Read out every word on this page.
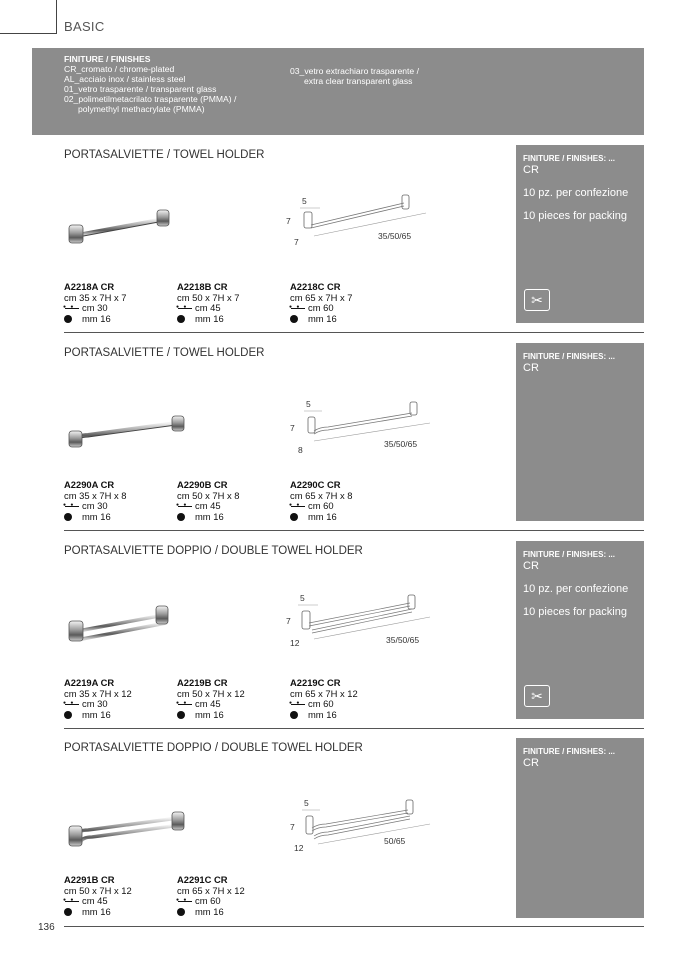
BASIC
FINITURE / FINISHES
CR_cromato / chrome-plated
AL_acciaio inox / stainless steel
01_vetro trasparente / transparent glass
02_polimetilmetacrilato trasparente (PMMA) /
polymethyl methacrylate (PMMA)
03_vetro extrachiaro trasparente /
extra clear transparent glass
PORTASALVIETTE / TOWEL HOLDER	FINITURE / FINISHES: ...
CR
10 pz. per confezione
10 pieces for packing
✂
5
7
7
35/50/65
A2218A CR
cm 35 x 7H x 7
● ●
cm 30
mm 16
A2218B CR
cm 50 x 7H x 7
● ●
cm 45
mm 16
A2218C CR
cm 65 x 7H x 7
● ●
cm 60
mm 16
PORTASALVIETTE / TOWEL HOLDER	FINITURE / FINISHES: ...
CR
5
7
8
35/50/65
A2290A CR
cm 35 x 7H x 8
● ●
cm 30
mm 16
A2290B CR
cm 50 x 7H x 8
● ●
cm 45
mm 16
A2290C CR
cm 65 x 7H x 8
● ●
cm 60
mm 16
PORTASALVIETTE DOPPIO / DOUBLE TOWEL HOLDER	FINITURE / FINISHES: ...
CR
10 pz. per confezione
10 pieces for packing
✂
5
7
12	35/50/65
A2219A CR
cm 35 x 7H x 12
● ●
cm 30
mm 16
A2219B CR
cm 50 x 7H x 12
● ●
cm 45
mm 16
A2219C CR
cm 65 x 7H x 12
● ●
cm 60
mm 16
PORTASALVIETTE DOPPIO / DOUBLE TOWEL HOLDER	FINITURE / FINISHES: ...
CR
5
7
12
50/65
A2291B CR
cm 50 x 7H x 12
● ●
cm 45
mm 16
A2291C CR
cm 65 x 7H x 12
● ●
cm 60
mm 16
136
